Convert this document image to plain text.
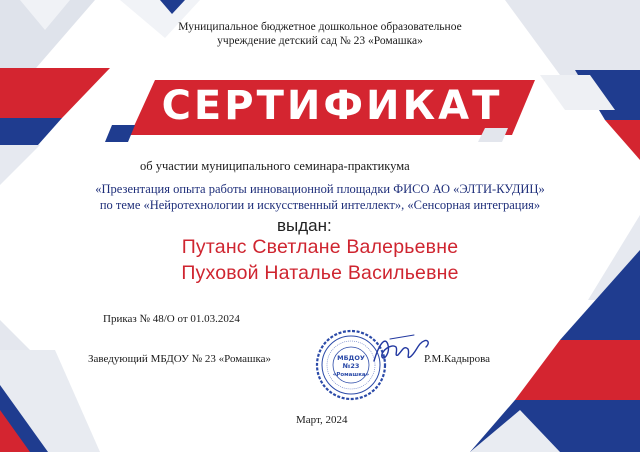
Муниципальное бюджетное дошкольное образовательное
учреждение детский сад № 23 «Ромашка»
СЕРТИФИКАТ
об участии муниципального семинара-практикума
«Презентация опыта работы инновационной площадки ФИСО АО «ЭЛТИ-КУДИЦ»
по теме «Нейротехнологии и искусственный интеллект», «Сенсорная интеграция»
выдан:
Путанс Светлане Валерьевне
Пуховой Наталье Васильевне
Приказ № 48/О от 01.03.2024
Заведующий МБДОУ № 23 «Ромашка»	МБДОУ
№23
«Ромашка»
Р.М.Кадырова
Март, 2024
